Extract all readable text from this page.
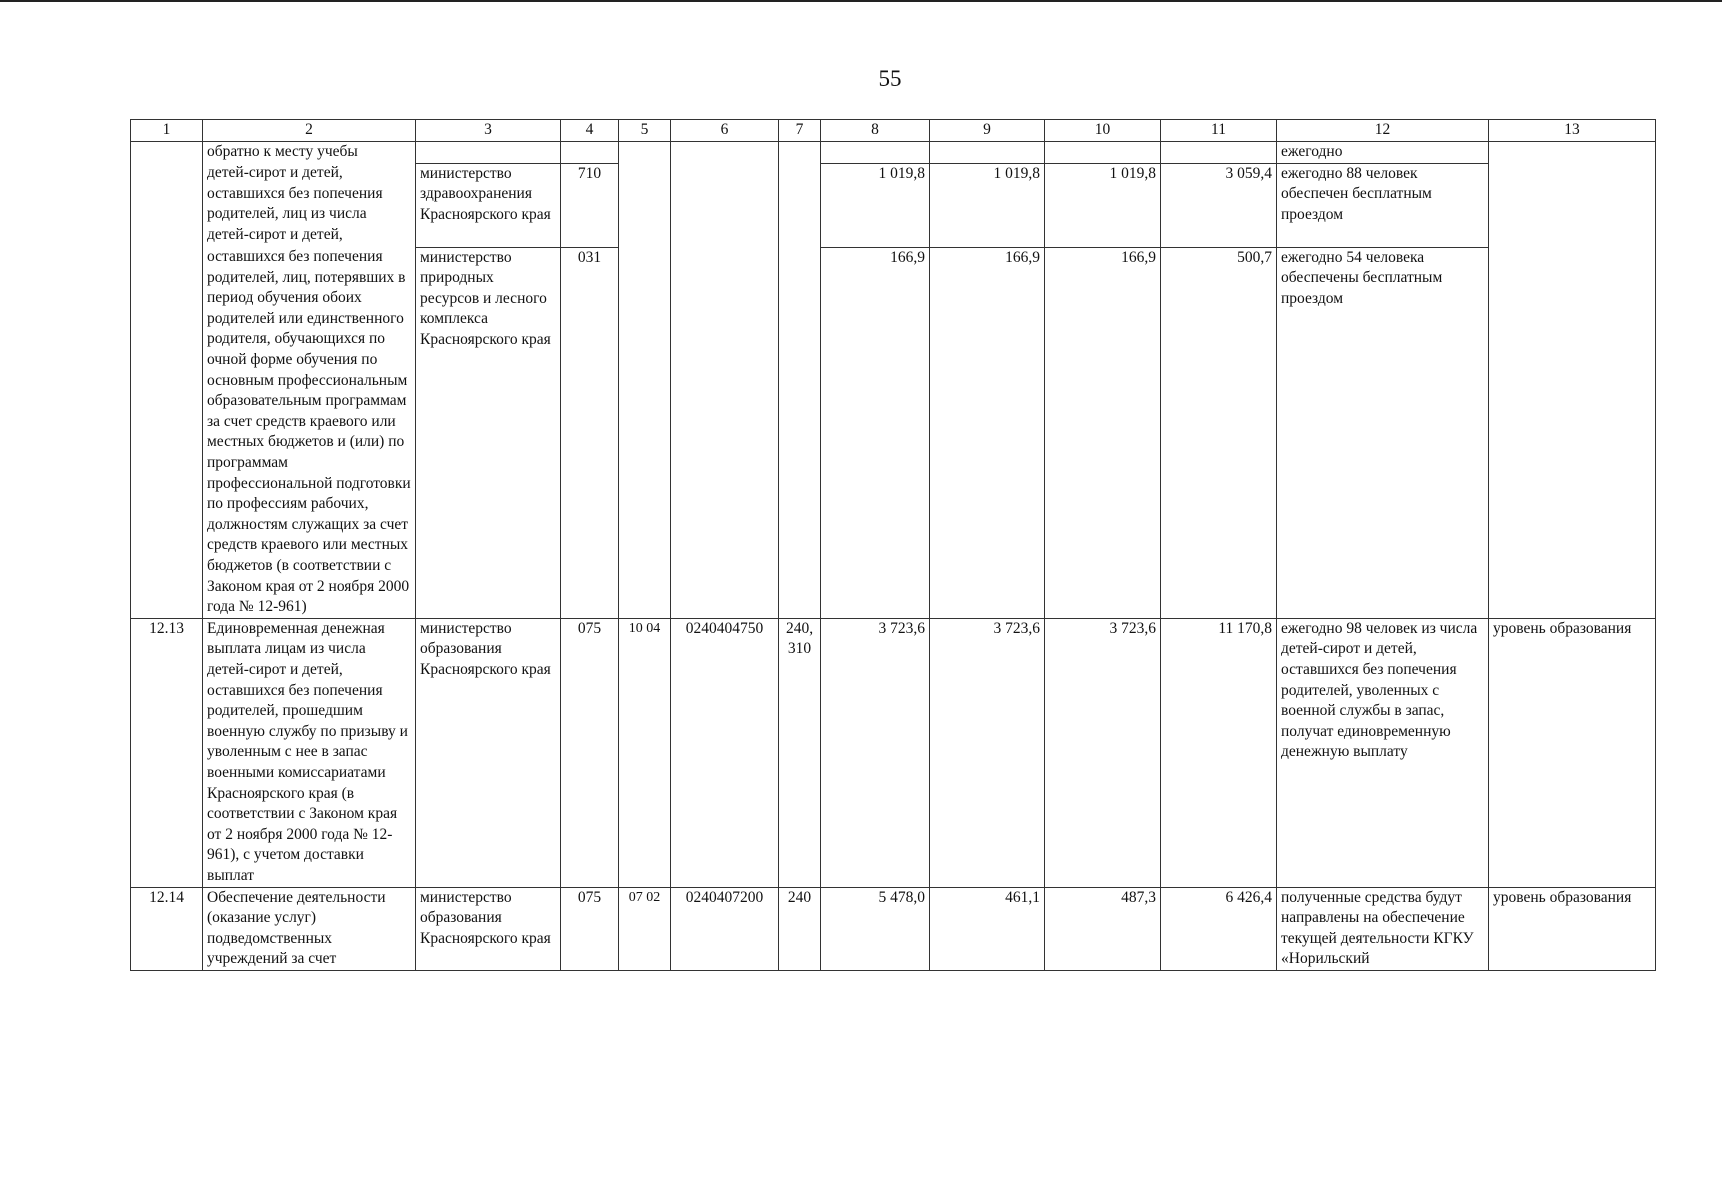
55
1	2	3	4	5	6	7	8	9	10	11	12	13
	обратно к месту учебы										ежегодно	
	детей-сирот и детей, оставшихся без попечения родителей, лиц из числа детей-сирот и детей,	министерство здравоохранения Красноярского края	710				1 019,8	1 019,8	1 019,8	3 059,4	ежегодно 88 человек обеспечен бесплатным проездом	
	оставшихся без попечения родителей, лиц, потерявших в период обучения обоих родителей или единственного родителя, обучающихся по очной форме обучения по основным профессиональным образовательным программам за счет средств краевого или местных бюджетов и (или) по программам профессиональной подготовки по профессиям рабочих, должностям служащих за счет средств краевого или местных бюджетов (в соответствии с Законом края от 2 ноября 2000 года № 12-961)	министерство природных ресурсов и лесного комплекса Красноярского края	031				166,9	166,9	166,9	500,7	ежегодно 54 человека обеспечены бесплатным проездом	
12.13	Единовременная денежная выплата лицам из числа детей-сирот и детей, оставшихся без попечения родителей, прошедшим военную службу по призыву и уволенным с нее в запас военными комиссариатами Красноярского края (в соответствии с Законом края от 2 ноября 2000 года № 12-961), с учетом доставки выплат	министерство образования Красноярского края	075	10 04	0240404750	240,
310	3 723,6	3 723,6	3 723,6	11 170,8	ежегодно 98 человек из числа детей-сирот и детей, оставшихся без попечения родителей, уволенных с военной службы в запас, получат единовременную денежную выплату	уровень образования
12.14	Обеспечение деятельности (оказание услуг) подведомственных учреждений за счет	министерство образования Красноярского края	075	07 02	0240407200	240	5 478,0	461,1	487,3	6 426,4	полученные средства будут направлены на обеспечение текущей деятельности КГКУ «Норильский	уровень образования
